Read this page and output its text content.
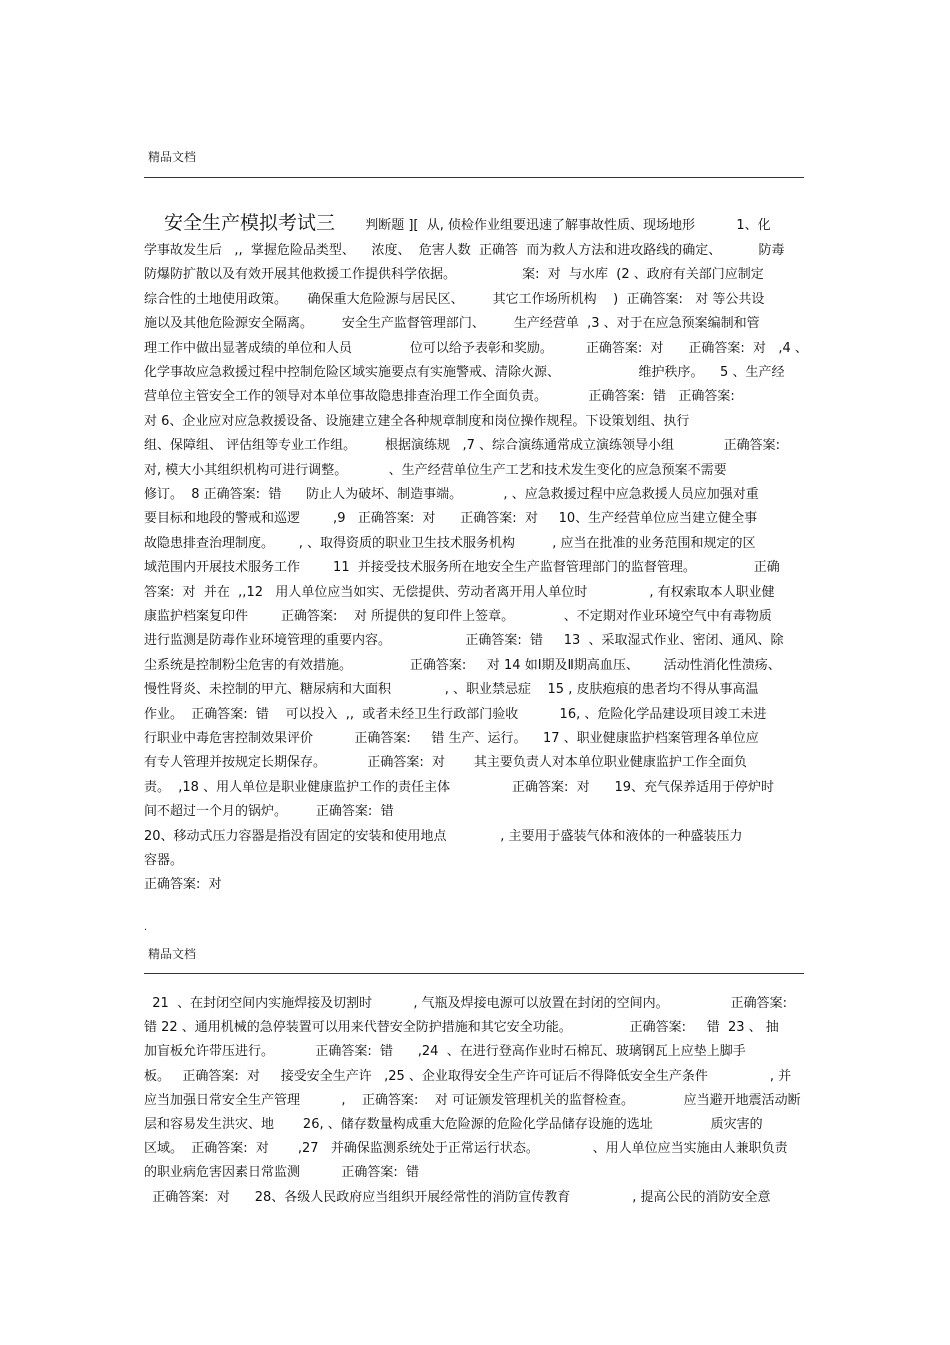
精品文档
安全生产模拟考试三 判断题 ][  从, 侦检作业组要迅速了解事故性质、现场地形          1、化
学事故发生后   ,,  掌握危险品类型、    浓度、  危害人数  正确答  而为救人方法和进攻路线的确定、         防毒
防爆防扩散以及有效开展其他救援工作提供科学依据。                案:  对  与水库  (2 、政府有关部门应制定
综合性的土地使用政策。     确保重大危险源与居民区、       其它工作场所机构    )  正确答案:   对 等公共设
施以及其他危险源安全隔离。       安全生产监督管理部门、       生产经营单  ,3 、对于在应急预案编制和管
理工作中做出显著成绩的单位和人员              位可以给予表彰和奖励。        正确答案:  对      正确答案:  对   ,4 、
化学事故应急救援过程中控制危险区域实施要点有实施警戒、清除火源、                   维护秩序。    5 、生产经
营单位主管安全工作的领导对本单位事故隐患排查治理工作全面负责。          正确答案:  错   正确答案:
对 6、企业应对应急救援设备、设施建立建全各种规章制度和岗位操作规程。下设策划组、执行
组、保障组、 评估组等专业工作组。       根据演练规   ,7 、综合演练通常成立演练领导小组            正确答案:
对, 模大小其组织机构可进行调整。          、生产经营单位生产工艺和技术发生变化的应急预案不需要
修订。  8 正确答案:  错      防止人为破坏、制造事端。          , 、应急救援过程中应急救援人员应加强对重
要目标和地段的警戒和巡逻        ,9   正确答案:  对      正确答案:  对     10、生产经营单位应当建立健全事
故隐患排查治理制度。      , 、取得资质的职业卫生技术服务机构         , 应当在批准的业务范围和规定的区
域范围内开展技术服务工作        11  并接受技术服务所在地安全生产监督管理部门的监督管理。              正确
答案:  对  并在  ,,12   用人单位应当如实、无偿提供、劳动者离开用人单位时               , 有权索取本人职业健
康监护档案复印件        正确答案:    对 所提供的复印件上签章。            、不定期对作业环境空气中有毒物质
进行监测是防毒作业环境管理的重要内容。                  正确答案:  错     13  、采取湿式作业、密闭、通风、除
尘系统是控制粉尘危害的有效措施。              正确答案:     对 14 如Ⅰ期及Ⅱ期高血压、      活动性消化性溃疡、
慢性肾炎、未控制的甲亢、糖尿病和大面积             , 、职业禁忌症    15 , 皮肤疱痕的患者均不得从事高温
作业。  正确答案:  错    可以投入  ,,  或者未经卫生行政部门验收          16, 、危险化学品建设项目竣工未进
行职业中毒危害控制效果评价          正确答案:     错 生产、运行。    17 、职业健康监护档案管理各单位应
有专人管理并按规定长期保存。          正确答案:  对       其主要负责人对本单位职业健康监护工作全面负
责。  ,18 、用人单位是职业健康监护工作的责任主体               正确答案:  对      19、充气保养适用于停炉时
间不超过一个月的锅炉。       正确答案:  错
20、移动式压力容器是指没有固定的安装和使用地点             , 主要用于盛装气体和液体的一种盛装压力
容器。
正确答案:  对
.
精品文档
21  、在封闭空间内实施焊接及切割时          , 气瓶及焊接电源可以放置在封闭的空间内。               正确答案:
错 22 、通用机械的急停装置可以用来代替安全防护措施和其它安全功能。              正确答案:     错  23 、 抽
加盲板允许带压进行。          正确答案:  错      ,24  、在进行登高作业时石棉瓦、玻璃钢瓦上应垫上脚手
板。   正确答案:  对     接受安全生产许   ,25 、企业取得安全生产许可证后不得降低安全生产条件               , 并
应当加强日常安全生产管理          ,    正确答案:    对 可证颁发管理机关的监督检查。            应当避开地震活动断
层和容易发生洪灾、地       26, 、储存数量构成重大危险源的危险化学品储存设施的选址              质灾害的
区域。  正确答案:  对       ,27   并确保监测系统处于正常运行状态。             、用人单位应当实施由人兼职负责
的职业病危害因素日常监测          正确答案:  错
正确答案:  对      28、各级人民政府应当组织开展经常性的消防宣传教育               , 提高公民的消防安全意
